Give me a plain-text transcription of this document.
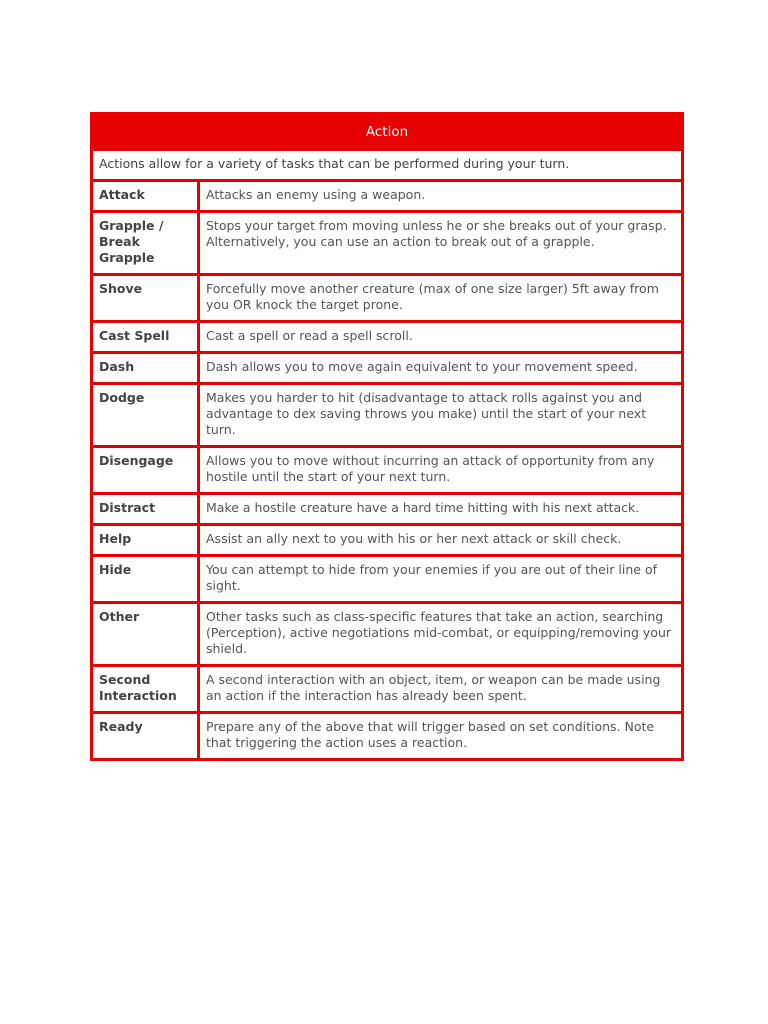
Action	
Actions allow for a variety of tasks that can be performed during your turn.	
Attack	Attacks an enemy using a weapon.
Grapple / Break Grapple	Stops your target from moving unless he or she breaks out of your grasp. Alternatively, you can use an action to break out of a grapple.
Shove	Forcefully move another creature (max of one size larger) 5ft away from you OR knock the target prone.
Cast Spell	Cast a spell or read a spell scroll.
Dash	Dash allows you to move again equivalent to your movement speed.
Dodge	Makes you harder to hit (disadvantage to attack rolls against you and advantage to dex saving throws you make) until the start of your next turn.
Disengage	Allows you to move without incurring an attack of opportunity from any hostile until the start of your next turn.
Distract	Make a hostile creature have a hard time hitting with his next attack.
Help	Assist an ally next to you with his or her next attack or skill check.
Hide	You can attempt to hide from your enemies if you are out of their line of sight.
Other	Other tasks such as class-specific features that take an action, searching (Perception), active negotiations mid-combat, or equipping/removing your shield.
Second Interaction	A second interaction with an object, item, or weapon can be made using an action if the interaction has already been spent.
Ready	Prepare any of the above that will trigger based on set conditions. Note that triggering the action uses a reaction.
